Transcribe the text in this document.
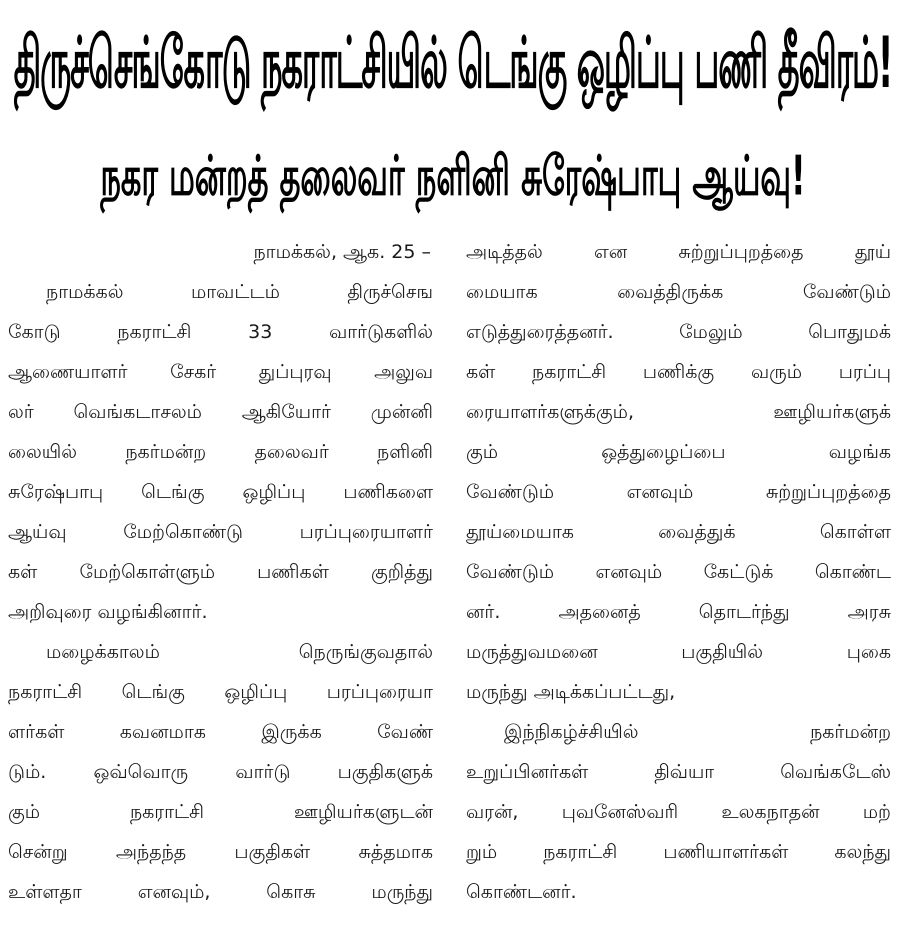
திருச்செங்கோடு நகராட்சியில் டெங்கு ஒழிப்பு பணி தீவிரம்!
நகர மன்றத் தலைவர் நளினி சுரேஷ்பாபு ஆய்வு!
நாமக்கல், ஆக. 25 –
நாமக்கல்	மாவட்டம்	திருச்செங
கோடு	நகராட்சி	33	வார்டுகளில்
ஆணையாளர் சேகர் துப்புரவு அலுவ
லர் வெங்கடாசலம் ஆகியோர் முன்னி
லையில்	நகர்மன்ற	தலைவர்	நளினி
சுரேஷ்பாபு டெங்கு ஒழிப்பு பணிகளை
ஆய்வு	மேற்கொண்டு	பரப்புரையாளர்
கள் மேற்கொள்ளும் பணிகள் குறித்து
அறிவுரை வழங்கினார்.
மழைக்காலம்	நெருங்குவதால்
நகராட்சி டெங்கு ஒழிப்பு பரப்புரையா
ளர்கள்	கவனமாக	இருக்க	வேண்
டும். ஒவ்வொரு வார்டு பகுதிகளுக்
கும்	நகராட்சி	ஊழியர்களுடன்
சென்று	அந்தந்த	பகுதிகள்	சுத்தமாக
உள்ளதா	எனவும்,	கொசு	மருந்து
அடித்தல்	என	சுற்றுப்புறத்தை	தூய்
மையாக	வைத்திருக்க	வேண்டும்
எடுத்துரைத்தனர்.	மேலும்	பொதுமக்
கள் நகராட்சி பணிக்கு வரும் பரப்பு
ரையாளர்களுக்கும்,	ஊழியர்களுக்
கும்	ஒத்துழைப்பை	வழங்க
வேண்டும்	எனவும்	சுற்றுப்புறத்தை
தூய்மையாக	வைத்துக்	கொள்ள
வேண்டும் எனவும் கேட்டுக் கொண்ட
னர்.	அதனைத்	தொடர்ந்து	அரசு
மருத்துவமனை	பகுதியில்	புகை
மருந்து அடிக்கப்பட்டது,
இந்நிகழ்ச்சியில்	நகர்மன்ற
உறுப்பினர்கள்	திவ்யா	வெங்கடேஸ்
வரன், புவனேஸ்வரி உலகநாதன் மற்
றும் நகராட்சி பணியாளர்கள் கலந்து
கொண்டனர்.
